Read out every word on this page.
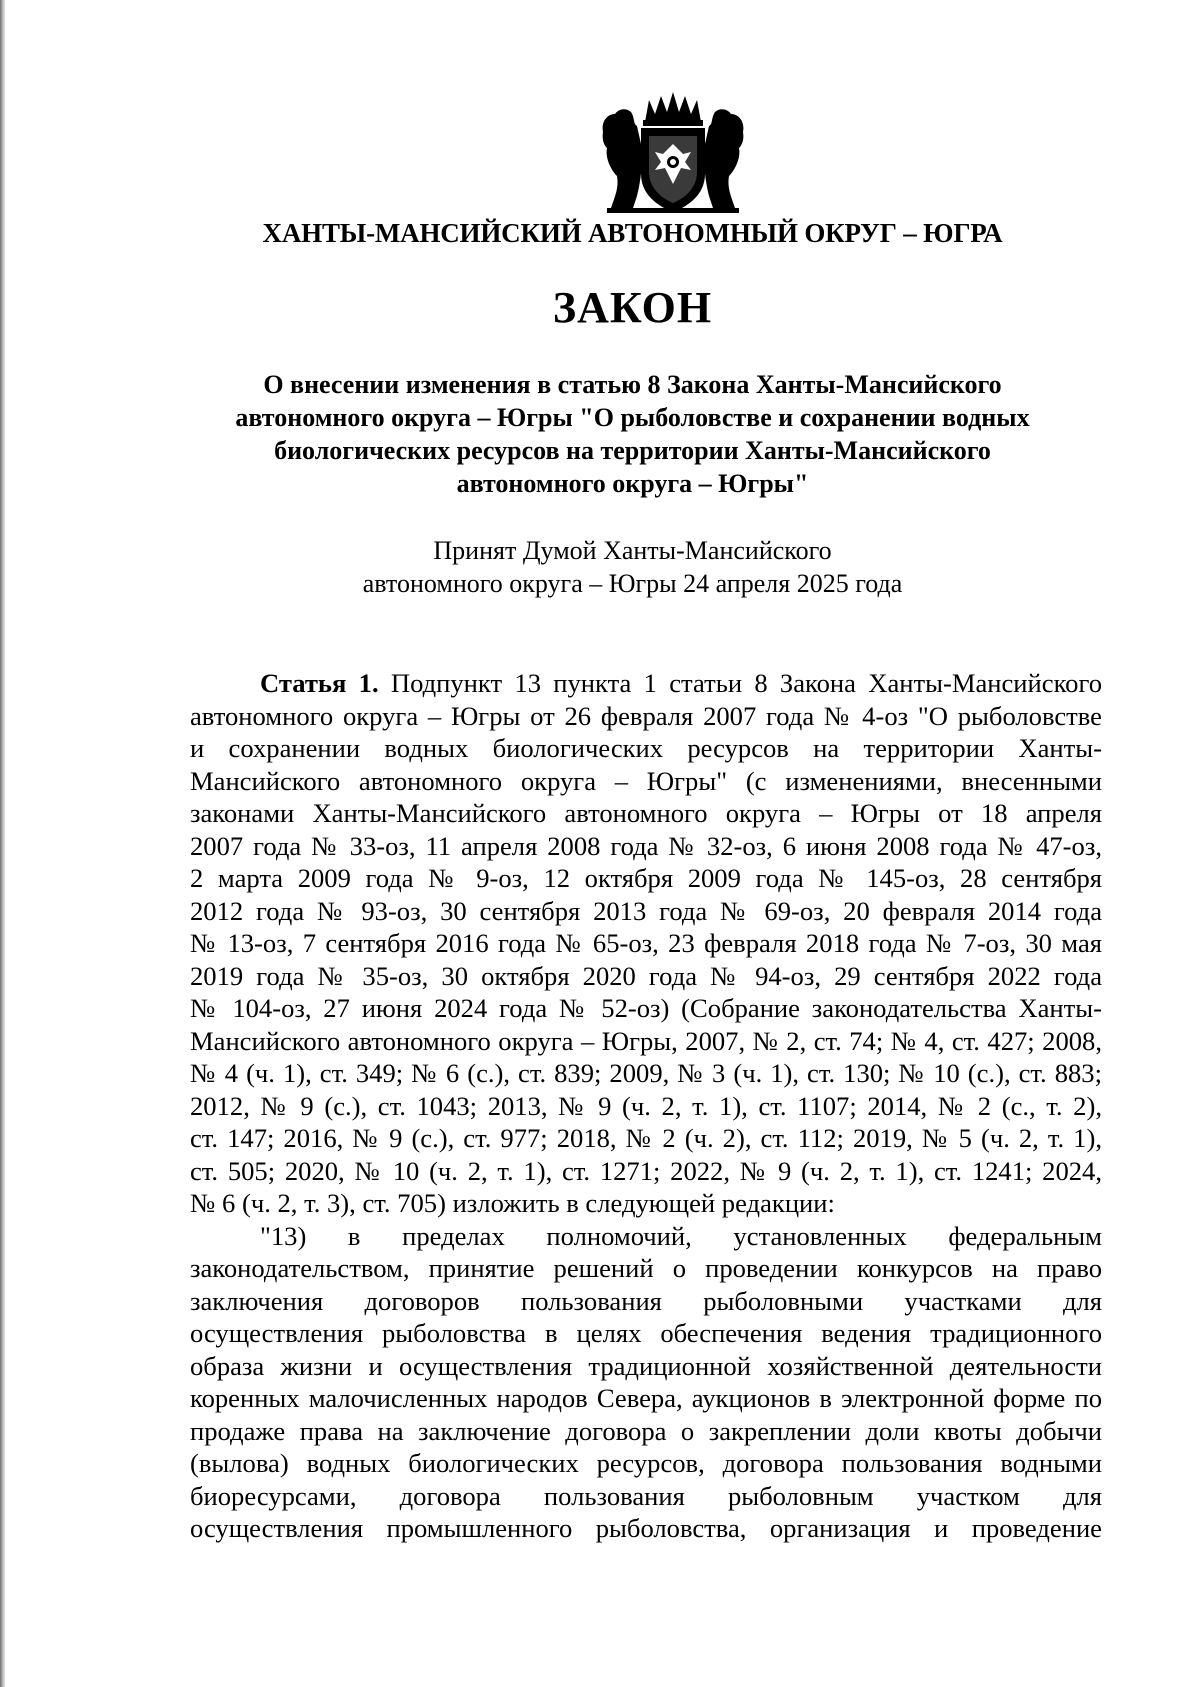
ХАНТЫ-МАНСИЙСКИЙ АВТОНОМНЫЙ ОКРУГ – ЮГРА
ЗАКОН
О внесении изменения в статью 8 Закона Ханты-Мансийского
автономного округа – Югры "О рыболовстве и сохранении водных
биологических ресурсов на территории Ханты-Мансийского
автономного округа – Югры"
Принят Думой Ханты-Мансийского
автономного округа – Югры 24 апреля 2025 года
Статья 1. Подпункт 13 пункта 1 статьи 8 Закона Ханты-Мансийского
автономного округа – Югры от 26 февраля 2007 года № 4-оз "О рыболовстве
и сохранении водных биологических ресурсов на территории Ханты-
Мансийского автономного округа – Югры" (с изменениями, внесенными
законами Ханты-Мансийского автономного округа – Югры от 18 апреля
2007 года № 33-оз, 11 апреля 2008 года № 32-оз, 6 июня 2008 года № 47-оз,
2 марта 2009 года № 9-оз, 12 октября 2009 года № 145-оз, 28 сентября
2012 года № 93-оз, 30 сентября 2013 года № 69-оз, 20 февраля 2014 года
№ 13-оз, 7 сентября 2016 года № 65-оз, 23 февраля 2018 года № 7-оз, 30 мая
2019 года № 35-оз, 30 октября 2020 года № 94-оз, 29 сентября 2022 года
№ 104-оз, 27 июня 2024 года № 52-оз) (Собрание законодательства Ханты-
Мансийского автономного округа – Югры, 2007, № 2, ст. 74; № 4, ст. 427; 2008,
№ 4 (ч. 1), ст. 349; № 6 (с.), ст. 839; 2009, № 3 (ч. 1), ст. 130; № 10 (с.), ст. 883;
2012, № 9 (с.), ст. 1043; 2013, № 9 (ч. 2, т. 1), ст. 1107; 2014, № 2 (с., т. 2),
ст. 147; 2016, № 9 (с.), ст. 977; 2018, № 2 (ч. 2), ст. 112; 2019, № 5 (ч. 2, т. 1),
ст. 505; 2020, № 10 (ч. 2, т. 1), ст. 1271; 2022, № 9 (ч. 2, т. 1), ст. 1241; 2024,
№ 6 (ч. 2, т. 3), ст. 705) изложить в следующей редакции:
"13) в пределах полномочий, установленных федеральным
законодательством, принятие решений о проведении конкурсов на право
заключения договоров пользования рыболовными участками для
осуществления рыболовства в целях обеспечения ведения традиционного
образа жизни и осуществления традиционной хозяйственной деятельности
коренных малочисленных народов Севера, аукционов в электронной форме по
продаже права на заключение договора о закреплении доли квоты добычи
(вылова) водных биологических ресурсов, договора пользования водными
биоресурсами, договора пользования рыболовным участком для
осуществления промышленного рыболовства, организация и проведение
